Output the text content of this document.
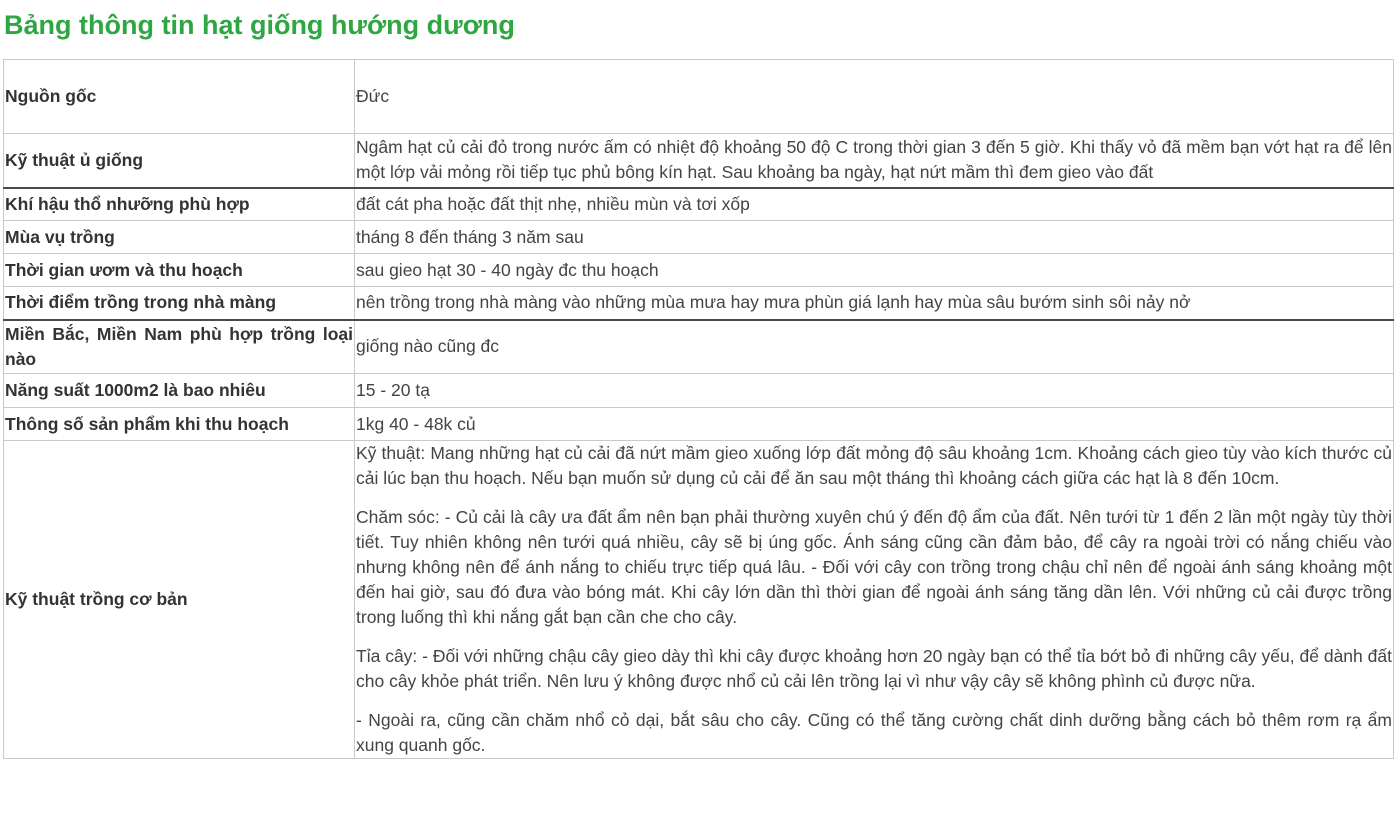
Bảng thông tin hạt giống hướng dương
Nguồn gốc	Đức
Kỹ thuật ủ giống	Ngâm hạt củ cải đỏ trong nước ấm có nhiệt độ khoảng 50 độ C trong thời gian 3 đến 5 giờ. Khi thấy vỏ đã mềm bạn vớt hạt ra để lên một lớp vải mỏng rồi tiếp tục phủ bông kín hạt. Sau khoảng ba ngày, hạt nứt mầm thì đem gieo vào đất
Khí hậu thổ nhưỡng phù hợp	đất cát pha hoặc đất thịt nhẹ, nhiều mùn và tơi xốp
Mùa vụ trồng	tháng 8 đến tháng 3 năm sau
Thời gian ươm và thu hoạch	sau gieo hạt 30 - 40 ngày đc thu hoạch
Thời điểm trồng trong nhà màng	nên trồng trong nhà màng vào những mùa mưa hay mưa phùn giá lạnh hay mùa sâu bướm sinh sôi nảy nở
Miền Bắc, Miền Nam phù hợp trồng loại nào	giống nào cũng đc
Năng suất 1000m2 là bao nhiêu	15 - 20 tạ
Thông số sản phẩm khi thu hoạch	1kg 40 - 48k củ
Kỹ thuật trồng cơ bản	Kỹ thuật: Mang những hạt củ cải đã nứt mầm gieo xuống lớp đất mỏng độ sâu khoảng 1cm. Khoảng cách gieo tùy vào kích thước củ cải lúc bạn thu hoạch. Nếu bạn muốn sử dụng củ cải để ăn sau một tháng thì khoảng cách giữa các hạt là 8 đến 10cm.

Chăm sóc: - Củ cải là cây ưa đất ẩm nên bạn phải thường xuyên chú ý đến độ ẩm của đất. Nên tưới từ 1 đến 2 lần một ngày tùy thời tiết. Tuy nhiên không nên tưới quá nhiều, cây sẽ bị úng gốc. Ánh sáng cũng cần đảm bảo, để cây ra ngoài trời có nắng chiếu vào nhưng không nên để ánh nắng to chiếu trực tiếp quá lâu. - Đối với cây con trồng trong chậu chỉ nên để ngoài ánh sáng khoảng một đến hai giờ, sau đó đưa vào bóng mát. Khi cây lớn dần thì thời gian để ngoài ánh sáng tăng dần lên. Với những củ cải được trồng trong luống thì khi nắng gắt bạn cần che cho cây.

Tỉa cây: - Đối với những chậu cây gieo dày thì khi cây được khoảng hơn 20 ngày bạn có thể tỉa bớt bỏ đi những cây yếu, để dành đất cho cây khỏe phát triển. Nên lưu ý không được nhổ củ cải lên trồng lại vì như vậy cây sẽ không phình củ được nữa.

- Ngoài ra, cũng cần chăm nhổ cỏ dại, bắt sâu cho cây. Cũng có thể tăng cường chất dinh dưỡng bằng cách bỏ thêm rơm rạ ẩm xung quanh gốc.
